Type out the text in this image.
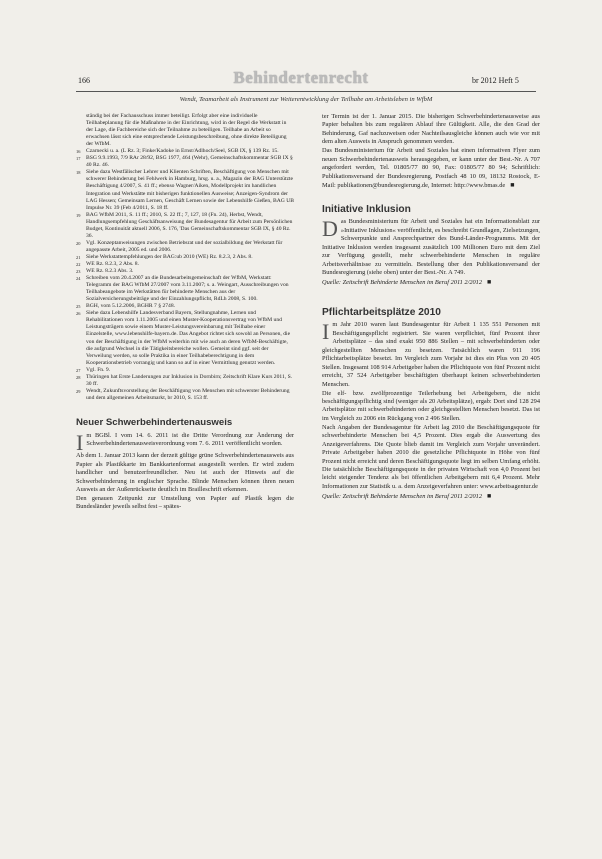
166	Behindertenrecht	br 2012 Heft 5
Wendt, Teamarbeit als Instrument zur Weiterentwicklung der Teilhabe am Arbeitsleben in WfbM
ständig bei der Fachausschuss immer beteiligt. Erfolgt aber eine individuelle Teilhabeplanung für die Maßnahme in der Einrichtung, wird in der Regel die Werkstatt in der Lage, die Fachbereiche sich der Teilnahme zu beteiligen. Teilhabe an Arbeit so erwachsen lässt sich eine entsprechende Leistungsbeschreibung, ohne direkte Beteiligung der WfbM.
16 Czarnecki u. a. (L Rz. 3; Finke/Kadoke in Ernst/Adlhoch/Seel, SGB IX, § 139 Rz. 15.
17 BSG 9.9.1993, 7/9 RAr 28/92, BSG 1977, 464 (Wehr), Gemeinschaftskommentar SGB IX § 40 Rz. 46.
18 Siehe dazu Westfälischer Lehrer und Klienten Schriften, Beschäftigung von Menschen mit schwerer Behinderung bei Fehlwerk in Hamburg, hrsg. u. a., Magazin der BAG Unterstützte Beschäftigung 4/2007, S. 41 ff.; ebenso Wagner/Aiken, Modellprojekt im handlichen Integration und Werkstätte mit bisherigen funktionellen Ausweise; Anzeigen-Syndrom der LAG Hessen; Gemeinsam Lernen, Geschäft Lernen sowie der Lebenshilfe Gießen, BAG UB Impulse Nr. 39 (Feb 4/2011, S. 18 ff.
19 BAG WfbM 2011, S. 11 ff.; 2010, S. 22 ff.; 7, 127, 18 (Fn. 24), Herbst, Wendt, Handlungsempfehlung Geschäftsanweisung der Bundesagentur für Arbeit zum Persönlichen Budget, Kontinuität aktuell 2006, S. 176, 'Das Gemeinschaftskommentar SGB IX, § 40 Rz. 36.
20 Vgl. Konzeptanweisungen zwischen Betriebsrat und der sozialbildung der Werkstatt für angepasste Arbeit, 2005 ed. und 2006.
21 Siehe Werkstattempfehlungen der BAG:ub 2010 (WE) Rz. 8.2.3, 2 Abs. 8.
22 WE Rz. 8.2.3, 2 Abs. 8.
23 WE Rz. 8.2.3 Abs. 3.
24 Schreiben vom 20.4.2007 an die Bundesarbeitsgemeinschaft der WfbM, Werkstatt: Telegramm der BAG WfbM 27/2007 vom 3.11.2007; s. a. Weingart, Ausschreibungen von Teilhabeangebote im Werkstätten für behinderte Menschen aus der Sozialversicherungsbeiträge und der Einzahlungspflicht, RdLh 2008, S. 100.
25 BGH, vom 5.12.2006, BGHR 7 § 2748.
26 Siehe dazu Lebenshilfe Landesverband Bayern, Stellungnahme, Lernen und Rehabilitationen vom 1.11.2005 und einen Muster-Kooperationsvertrag von WfbM und Leistungsträgern sowie einem Muster-Leistungsvereinbarung mit Teilhabe einer Einzelstelle, www.lebenshilfe-bayern.de. Das Angebot richtet sich sowohl an Personen, die von der Beschäftigung in der WfbM weiterhin mit wie auch an deren WfbM-Beschäftigte, die aufgrund Wechsel in die Tätigkeitsbereiche wollen. Gemeint sind ggf. seit der Verweilung werden, so solle Praktika in einer Teilhabeberechtigung in dem Kooperationsbetrieb vorrangig und kann so auf in einer Vermittlung genutzt werden.
27 Vgl. Fn. 9.
28 Thüringen hat Erste Landerungen zur Inklusion in Dornbirn; Zeitschrift Klare Kurs 2011, S. 30 ff.
29 Wendt, Zukunftsvorstellung der Beschäftigung von Menschen mit schwerster Behinderung und dem allgemeinen Arbeitsmarkt, br 2010, S. 153 ff.
Neuer Schwerbehindertenausweis
Im BGBl. I vom 14. 6. 2011 ist die Dritte Verordnung zur Änderung der Schwerbehindertenausweisverordnung vom 7. 6. 2011 veröffentlicht worden.
Ab dem 1. Januar 2013 kann der derzeit gültige grüne Schwerbehindertenausweis aus Papier als Plastikkarte im Bankkartenformat ausgestellt werden. Er wird zudem handlicher und benutzerfreundlicher. Neu ist auch der Hinweis auf die Schwerbehinderung in englischer Sprache. Blinde Menschen können ihren neuen Ausweis an der Außenrückseite deutlich im Brailleschrift erkennen.
Den genauen Zeitpunkt zur Umstellung von Papier auf Plastik legen die Bundesländer jeweils selbst fest – spätes-
ter Termin ist der 1. Januar 2015. Die bisherigen Schwerbehindertenausweise aus Papier behalten bis zum regulären Ablauf ihre Gültigkeit. Alle, die den Grad der Behinderung, Gaf nachzuweisen oder Nachteilsausgleiche können auch wie vor mit dem alten Ausweis in Anspruch genommen werden.
Das Bundesministerium für Arbeit und Soziales hat einen informativen Flyer zum neuen Schwerbehindertenausweis herausgegeben, er kann unter der Best.-Nr. A 707 angefordert werden, Tel. 01805/77 80 90, Fax: 01805/77 80 94; Schriftlich: Publikationsversand der Bundesregierung, Postfach 48 10 09, 18132 Rostock, E-Mail: publikationen@bundesregierung.de, Internet: http://www.bmas.de ■
Initiative Inklusion
Das Bundesministerium für Arbeit und Soziales hat ein Informationsblatt zur »Initiative Inklusion« veröffentlicht, es beschreibt Grundlagen, Zielsetzungen, Schwerpunkte und Ansprechpartner des Bund-Länder-Programms. Mit der Initiative Inklusion werden insgesamt zusätzlich 100 Millionen Euro mit dem Ziel zur Verfügung gestellt, mehr schwerbehinderte Menschen in reguläre Arbeitsverhältnisse zu vermitteln. Bestellung über den Publikationsversand der Bundesregierung (siehe oben) unter der Best.-Nr. A 749.
Quelle: Zeitschrift Behinderte Menschen im Beruf 2011 2/2012 ■
Pflichtarbeitsplätze 2010
Im Jahr 2010 waren laut Bundesagentur für Arbeit 1 135 551 Personen mit Beschäftigungspflicht registriert. Sie waren verpflichtet, fünf Prozent ihrer Arbeitsplätze – das sind exakt 950 886 Stellen – mit schwerbehinderten oder gleichgestellten Menschen zu besetzen. Tatsächlich waren 911 196 Pflichtarbeitsplätze besetzt. Im Vergleich zum Vorjahr ist dies ein Plus von 20 405 Stellen. Insgesamt 108 914 Arbeitgeber haben die Pflichtquote von fünf Prozent nicht erreicht, 37 524 Arbeitgeber beschäftigten überhaupt keinen schwerbehinderten Menschen.
Die elf- bzw. zwölfprozentige Teilerhebung bei Arbeitgebern, die nicht beschäftigungspflichtig sind (weniger als 20 Arbeitsplätze), ergab: Dort sind 128 294 Arbeitsplätze mit schwerbehinderten oder gleichgestellten Menschen besetzt. Das ist im Vergleich zu 2006 ein Rückgang von 2 496 Stellen.
Nach Angaben der Bundesagentur für Arbeit lag 2010 die Beschäftigungsquote für schwerbehinderte Menschen bei 4,5 Prozent. Dies ergab die Auswertung des Anzeigeverfahrens. Die Quote blieb damit im Vergleich zum Vorjahr unverändert. Private Arbeitgeber haben 2010 die gesetzliche Pflichtquote in Höhe von fünf Prozent nicht erreicht und deren Beschäftigungsquote liegt im selben Umfang erhöht. Die tatsächliche Beschäftigungsquote in der privaten Wirtschaft von 4,0 Prozent bei leicht steigender Tendenz als bei öffentlichen Arbeitgebern mit 6,4 Prozent. Mehr Informationen zur Statistik u. a. dem Anzeigeverfahren unter: www.arbeitsagentur.de
Quelle: Zeitschrift Behinderte Menschen im Beruf 2011 2/2012 ■
